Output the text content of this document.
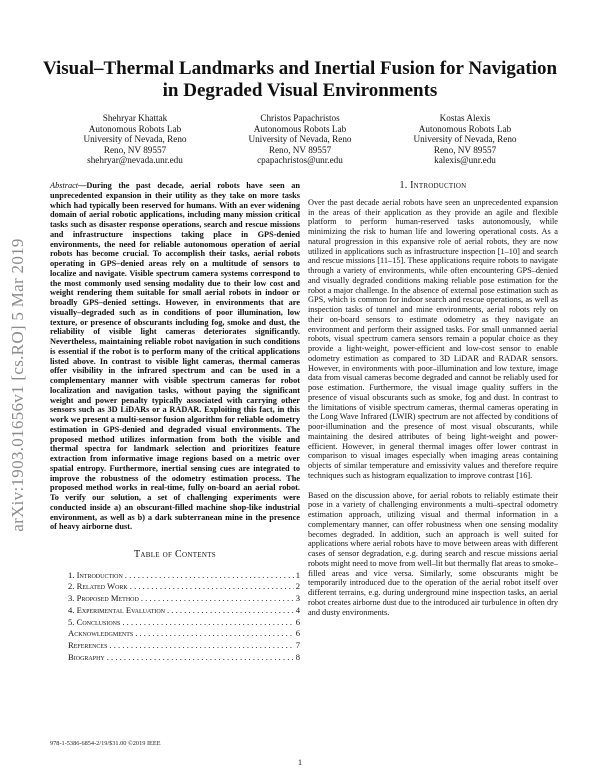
arXiv:1903.01656v1 [cs.RO] 5 Mar 2019
Visual–Thermal Landmarks and Inertial Fusion for Navigation in Degraded Visual Environments
Shehryar Khattak
Autonomous Robots Lab
University of Nevada, Reno
Reno, NV 89557
shehryar@nevada.unr.edu
Christos Papachristos
Autonomous Robots Lab
University of Nevada, Reno
Reno, NV 89557
cpapachristos@unr.edu
Kostas Alexis
Autonomous Robots Lab
University of Nevada, Reno
Reno, NV 89557
kalexis@unr.edu

Abstract—During the past decade, aerial robots have seen an unprecedented expansion in their utility as they take on more tasks which had typically been reserved for humans. With an ever widening domain of aerial robotic applications, including many mission critical tasks such as disaster response operations, search and rescue missions and infrastructure inspections taking place in GPS-denied environments, the need for reliable autonomous operation of aerial robots has become crucial. To accomplish their tasks, aerial robots operating in GPS–denied areas rely on a multitude of sensors to localize and navigate. Visible spectrum camera systems correspond to the most commonly used sensing modality due to their low cost and weight rendering them suitable for small aerial robots in indoor or broadly GPS–denied settings. However, in environments that are visually–degraded such as in conditions of poor illumination, low texture, or presence of obscurants including fog, smoke and dust, the reliability of visible light cameras deteriorates significantly. Nevertheless, maintaining reliable robot navigation in such conditions is essential if the robot is to perform many of the critical applications listed above. In contrast to visible light cameras, thermal cameras offer visibility in the infrared spectrum and can be used in a complementary manner with visible spectrum cameras for robot localization and navigation tasks, without paying the significant weight and power penalty typically associated with carrying other sensors such as 3D LiDARs or a RADAR. Exploiting this fact, in this work we present a multi-sensor fusion algorithm for reliable odometry estimation in GPS-denied and degraded visual environments. The proposed method utilizes information from both the visible and thermal spectra for landmark selection and prioritizes feature extraction from informative image regions based on a metric over spatial entropy. Furthermore, inertial sensing cues are integrated to improve the robustness of the odometry estimation process. The proposed method works in real-time, fully on-board an aerial robot. To verify our solution, a set of challenging experiments were conducted inside a) an obscurant-filled machine shop-like industrial environment, as well as b) a dark subterranean mine in the presence of heavy airborne dust.

Table of Contents
1. Introduction . . .	1
2. Related Work . . .	2
3. Proposed Method . . .	3
4. Experimental Evaluation . . .	4
5. Conclusions . . .	6
Acknowledgments . . .	6
References . . .	7
Biography . . .	8
1. Introduction

Over the past decade aerial robots have seen an unprecedented expansion in the areas of their application as they provide an agile and flexible platform to perform human-reserved tasks autonomously, while minimizing the risk to human life and lowering operational costs. As a natural progression in this expansive role of aerial robots, they are now utilized in applications such as infrastructure inspection [1–10] and search and rescue missions [11–15]. These applications require robots to navigate through a variety of environments, while often encountering GPS–denied and visually degraded conditions making reliable pose estimation for the robot a major challenge. In the absence of external pose estimation such as GPS, which is common for indoor search and rescue operations, as well as inspection tasks of tunnel and mine environments, aerial robots rely on their on-board sensors to estimate odometry as they navigate an environment and perform their assigned tasks. For small unmanned aerial robots, visual spectrum camera sensors remain a popular choice as they provide a light-weight, power-efficient and low-cost sensor to enable odometry estimation as compared to 3D LiDAR and RADAR sensors. However, in environments with poor–illumination and low texture, image data from visual cameras become degraded and cannot be reliably used for pose estimation. Furthermore, the visual image quality suffers in the presence of visual obscurants such as smoke, fog and dust. In contrast to the limitations of visible spectrum cameras, thermal cameras operating in the Long Wave Infrared (LWIR) spectrum are not affected by conditions of poor-illumination and the presence of most visual obscurants, while maintaining the desired attributes of being light-weight and power-efficient. However, in general thermal images offer lower contrast in comparison to visual images especially when imaging areas containing objects of similar temperature and emissivity values and therefore require techniques such as histogram equalization to improve contrast [16].

Based on the discussion above, for aerial robots to reliably estimate their pose in a variety of challenging environments a multi–spectral odometry estimation approach, utilizing visual and thermal information in a complementary manner, can offer robustness when one sensing modality becomes degraded. In addition, such an approach is well suited for applications where aerial robots have to move between areas with different cases of sensor degradation, e.g. during search and rescue missions aerial robots might need to move from well–lit but thermally flat areas to smoke–filled areas and vice versa. Similarly, some obscurants might be temporarily introduced due to the operation of the aerial robot itself over different terrains, e.g. during underground mine inspection tasks, an aerial robot creates airborne dust due to the introduced air turbulence in often dry and dusty environments.

978-1-5386-6854-2/19/$31.00 ©2019 IEEE
1
